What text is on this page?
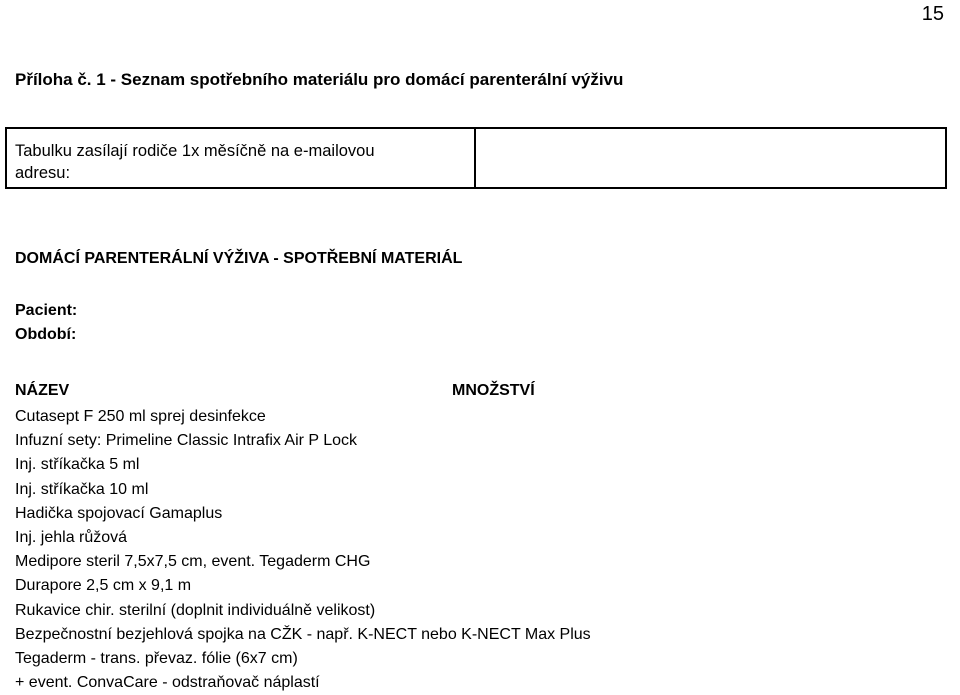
15
Příloha č. 1 - Seznam spotřebního materiálu pro domácí parenterální výživu
Tabulku zasílají rodiče 1x měsíčně na e-mailovou
adresu:
DOMÁCÍ PARENTERÁLNÍ VÝŽIVA - SPOTŘEBNÍ MATERIÁL
Pacient:
Období:
NÁZEV	MNOŽSTVÍ
Cutasept F 250 ml sprej desinfekce
Infuzní sety: Primeline Classic Intrafix Air P Lock
Inj. stříkačka 5 ml
Inj. stříkačka 10 ml
Hadička spojovací Gamaplus
Inj. jehla růžová
Medipore steril 7,5x7,5 cm, event. Tegaderm CHG
Durapore 2,5 cm x 9,1 m
Rukavice chir. sterilní (doplnit individuálně velikost)
Bezpečnostní bezjehlová spojka na CŽK - např. K-NECT nebo K-NECT Max Plus
Tegaderm - trans. převaz. fólie (6x7 cm)
+ event. ConvaCare - odstraňovač náplastí
